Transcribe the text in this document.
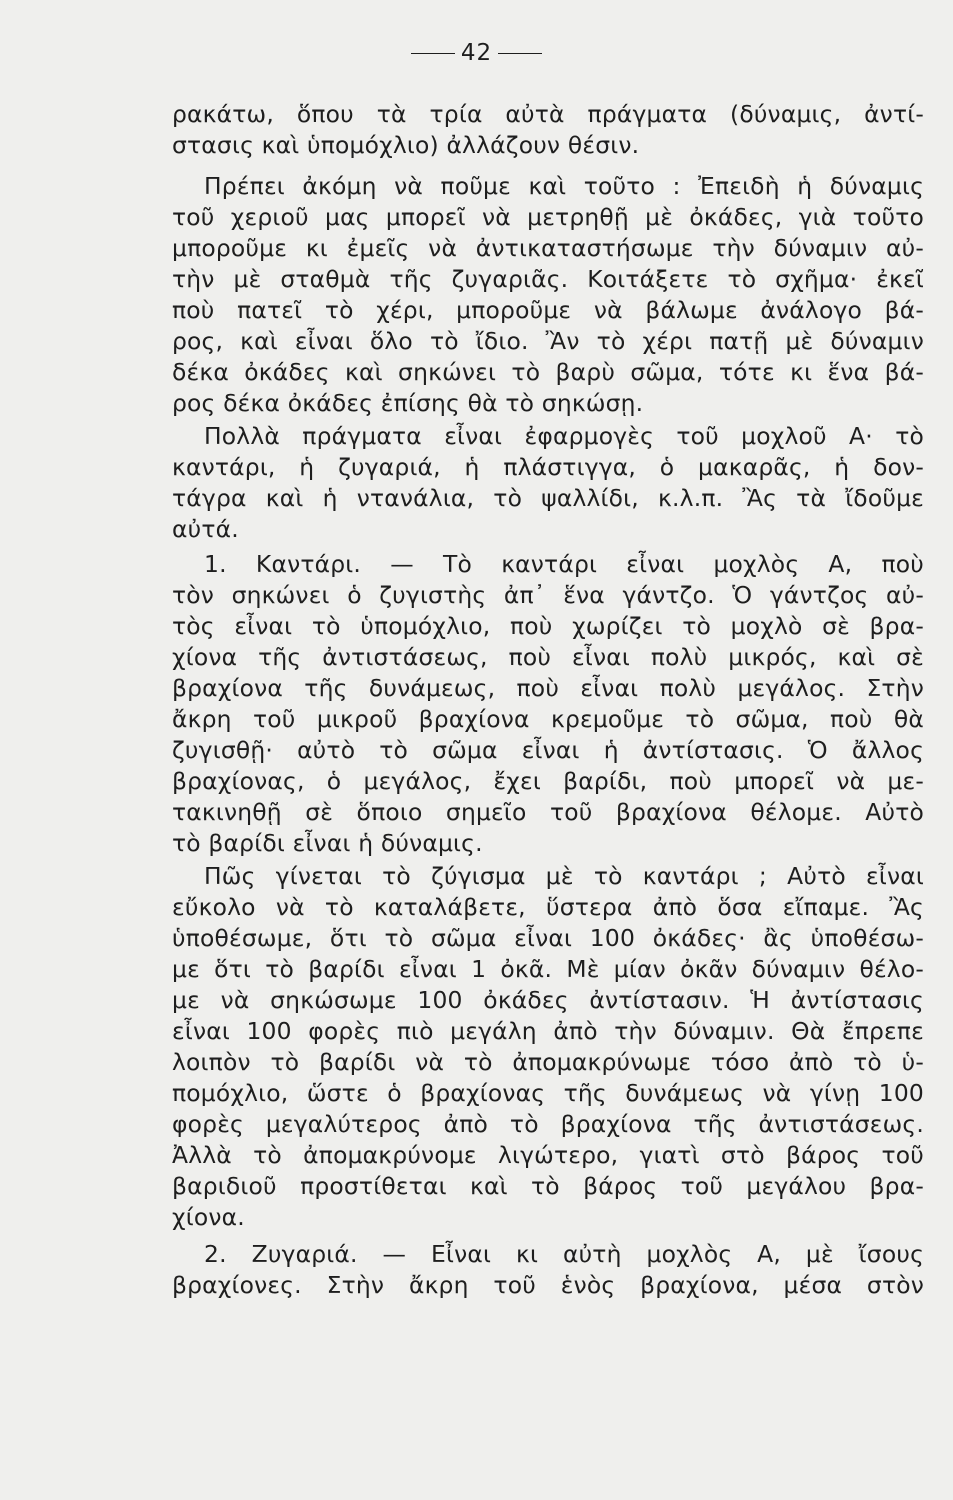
42
ρακάτω, ὅπου τὰ τρία αὐτὰ πράγματα (δύναμις, ἀντί-
στασις καὶ ὑπομόχλιο) ἀλλάζουν θέσιν.
Πρέπει ἀκόμη νὰ ποῦμε καὶ τοῦτο : Ἐπειδὴ ἡ δύναμις
τοῦ χεριοῦ μας μπορεῖ νὰ μετρηθῇ μὲ ὀκάδες, γιὰ τοῦτο
μποροῦμε κι ἐμεῖς νὰ ἀντικαταστήσωμε τὴν δύναμιν αὐ-
τὴν μὲ σταθμὰ τῆς ζυγαριᾶς. Κοιτάξετε τὸ σχῆμα· ἐκεῖ
ποὺ πατεῖ τὸ χέρι, μποροῦμε νὰ βάλωμε ἀνάλογο βά-
ρος, καὶ εἶναι ὅλο τὸ ἴδιο. Ἂν τὸ χέρι πατῇ μὲ δύναμιν
δέκα ὀκάδες καὶ σηκώνει τὸ βαρὺ σῶμα, τότε κι ἕνα βά-
ρος δέκα ὀκάδες ἐπίσης θὰ τὸ σηκώσῃ.
Πολλὰ πράγματα εἶναι ἐφαρμογὲς τοῦ μοχλοῦ Α· τὸ
καντάρι, ἡ ζυγαριά, ἡ πλάστιγγα, ὁ μακαρᾶς, ἡ δον-
τάγρα καὶ ἡ ντανάλια, τὸ ψαλλίδι, κ.λ.π. Ἂς τὰ ἴδοῦμε
αὐτά.
1. Καντάρι. — Τὸ καντάρι εἶναι μοχλὸς Α, ποὺ
τὸν σηκώνει ὁ ζυγιστὴς ἀπ᾽ ἕνα γάντζο. Ὁ γάντζος αὐ-
τὸς εἶναι τὸ ὑπομόχλιο, ποὺ χωρίζει τὸ μοχλὸ σὲ βρα-
χίονα τῆς ἀντιστάσεως, ποὺ εἶναι πολὺ μικρός, καὶ σὲ
βραχίονα τῆς δυνάμεως, ποὺ εἶναι πολὺ μεγάλος. Στὴν
ἄκρη τοῦ μικροῦ βραχίονα κρεμοῦμε τὸ σῶμα, ποὺ θὰ
ζυγισθῇ· αὐτὸ τὸ σῶμα εἶναι ἡ ἀντίστασις. Ὁ ἄλλος
βραχίονας, ὁ μεγάλος, ἔχει βαρίδι, ποὺ μπορεῖ νὰ με-
τακινηθῇ σὲ ὅποιο σημεῖο τοῦ βραχίονα θέλομε. Αὐτὸ
τὸ βαρίδι εἶναι ἡ δύναμις.
Πῶς γίνεται τὸ ζύγισμα μὲ τὸ καντάρι ; Αὐτὸ εἶναι
εὔκολο νὰ τὸ καταλάβετε, ὕστερα ἀπὸ ὅσα εἴπαμε. Ἂς
ὑποθέσωμε, ὅτι τὸ σῶμα εἶναι 100 ὀκάδες· ἂς ὑποθέσω-
με ὅτι τὸ βαρίδι εἶναι 1 ὀκᾶ. Μὲ μίαν ὀκᾶν δύναμιν θέλο-
με νὰ σηκώσωμε 100 ὀκάδες ἀντίστασιν. Ἡ ἀντίστασις
εἶναι 100 φορὲς πιὸ μεγάλη ἀπὸ τὴν δύναμιν. Θὰ ἔπρεπε
λοιπὸν τὸ βαρίδι νὰ τὸ ἀπομακρύνωμε τόσο ἀπὸ τὸ ὑ-
πομόχλιο, ὥστε ὁ βραχίονας τῆς δυνάμεως νὰ γίνῃ 100
φορὲς μεγαλύτερος ἀπὸ τὸ βραχίονα τῆς ἀντιστάσεως.
Ἀλλὰ τὸ ἀπομακρύνομε λιγώτερο, γιατὶ στὸ βάρος τοῦ
βαριδιοῦ προστίθεται καὶ τὸ βάρος τοῦ μεγάλου βρα-
χίονα.
2. Ζυγαριά. — Εἶναι κι αὐτὴ μοχλὸς Α, μὲ ἴσους
βραχίονες. Στὴν ἄκρη τοῦ ἑνὸς βραχίονα, μέσα στὸν
